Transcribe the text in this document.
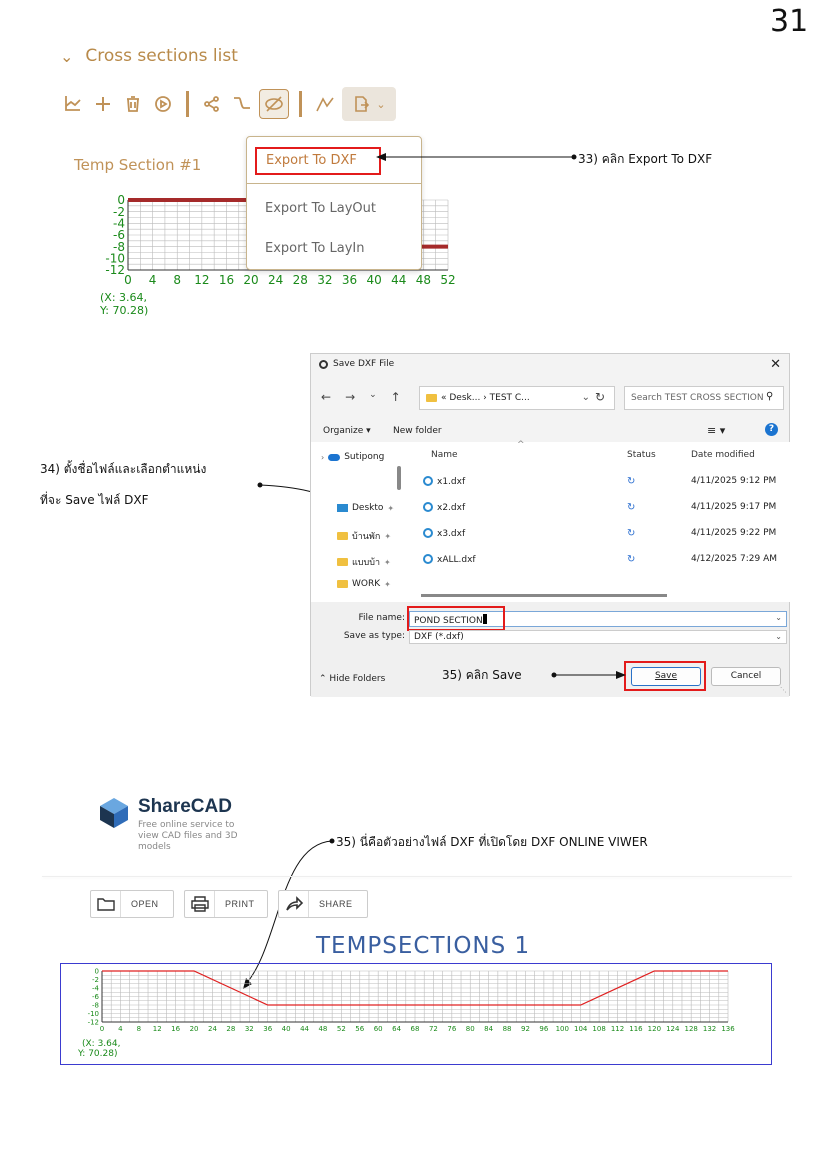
31
⌄ Cross sections list
⌄
Temp Section #1
0
-2
-4
-6
-8
-10
-12
0 4 8 12 16 20 24 28 32 36 40 44 48 52
(X: 3.64,
Y: 70.28)
Export To DXF
Export To LayOut
Export To LayIn
33) คลิก Export To DXF
34) ตั้งชื่อไฟล์และเลือกตำแหน่ง
ที่จะ Save ไฟล์ DXF
Save DXF File	✕
← → ⌄ ↑	« Desk... › TEST C...	⌄ ↻	Search TEST CROSS SECTION ⚲
Organize ▾ New folder	≡ ▾	?
› Sutipong
Deskto ✦
บ้านพัก ✦
แบบบ้า ✦
WORK ✦
Name
^
Status	Date modified
x1.dxf	↻	4/11/2025 9:12 PM
x2.dxf	↻	4/11/2025 9:17 PM
x3.dxf	↻	4/11/2025 9:22 PM
xALL.dxf	↻	4/12/2025 7:29 AM
File name:	POND SECTION	⌄
Save as type:	DXF (*.dxf)	⌄
⌃ Hide Folders	Save	Cancel
⋱
35) คลิก Save
ShareCAD
Free online service to view CAD files and 3D models	35) นี่คือตัวอย่างไฟล์ DXF ที่เปิดโดย DXF ONLINE VIWER
OPEN	PRINT	SHARE
TEMPSECTIONS 1
0
-2
-4
-6
-8
-10
-12
0 4 8 12 16 20 24 28 32 36 40 44 48 52 56 60 64 68 72 76 80 84 88 92 96 100 104 108 112 116 120 124 128 132 136
(X: 3.64, Y: 70.28)
